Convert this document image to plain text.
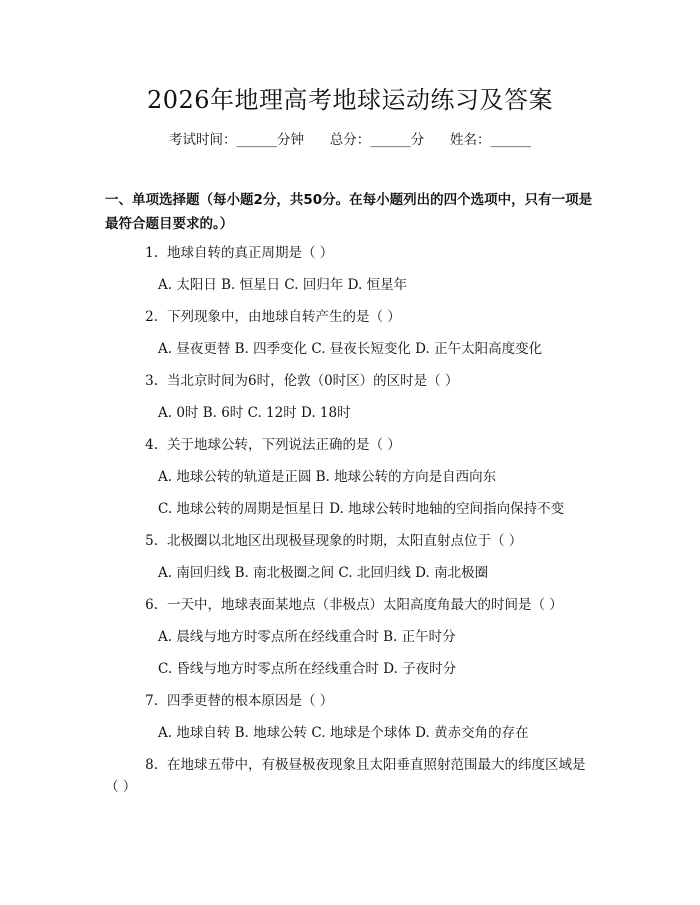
2026年地理高考地球运动练习及答案
考试时间：______分钟      总分：______分      姓名：______
一、单项选择题（每小题2分，共50分。在每小题列出的四个选项中，只有一项是最符合题目要求的。）
1. 地球自转的真正周期是（ ）
A. 太阳日 B. 恒星日 C. 回归年 D. 恒星年
2. 下列现象中，由地球自转产生的是（ ）
A. 昼夜更替 B. 四季变化 C. 昼夜长短变化 D. 正午太阳高度变化
3. 当北京时间为6时，伦敦（0时区）的区时是（ ）
A. 0时 B. 6时 C. 12时 D. 18时
4. 关于地球公转，下列说法正确的是（ ）
A. 地球公转的轨道是正圆 B. 地球公转的方向是自西向东
C. 地球公转的周期是恒星日 D. 地球公转时地轴的空间指向保持不变
5. 北极圈以北地区出现极昼现象的时期，太阳直射点位于（ ）
A. 南回归线 B. 南北极圈之间 C. 北回归线 D. 南北极圈
6. 一天中，地球表面某地点（非极点）太阳高度角最大的时间是（ ）
A. 晨线与地方时零点所在经线重合时 B. 正午时分
C. 昏线与地方时零点所在经线重合时 D. 子夜时分
7. 四季更替的根本原因是（ ）
A. 地球自转 B. 地球公转 C. 地球是个球体 D. 黄赤交角的存在
8. 在地球五带中，有极昼极夜现象且太阳垂直照射范围最大的纬度区域是（ ）
